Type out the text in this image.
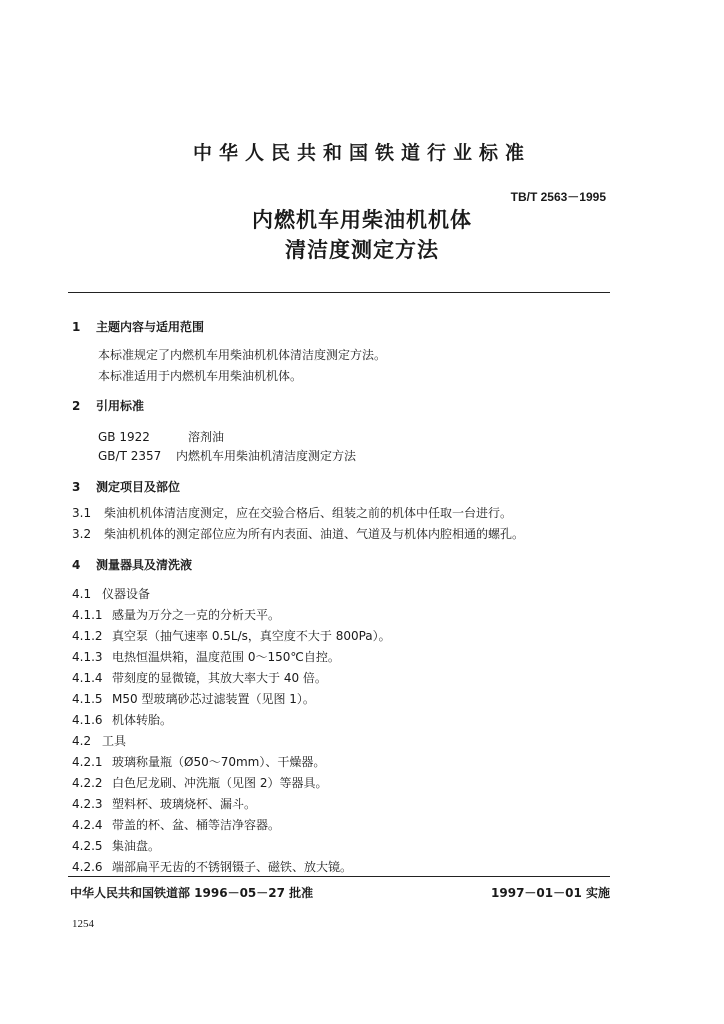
中华人民共和国铁道行业标准
TB/T 2563－1995
内燃机车用柴油机机体
清洁度测定方法
1 主题内容与适用范围
本标准规定了内燃机车用柴油机机体清洁度测定方法。
本标准适用于内燃机车用柴油机机体。
2 引用标准
GB 1922	溶剂油
GB/T 2357 内燃机车用柴油机清洁度测定方法
3 测定项目及部位
3.1 柴油机机体清洁度测定，应在交验合格后、组装之前的机体中任取一台进行。
3.2 柴油机机体的测定部位应为所有内表面、油道、气道及与机体内腔相通的螺孔。
4 测量器具及清洗液
4.1 仪器设备
4.1.1 感量为万分之一克的分析天平。
4.1.2 真空泵（抽气速率 0.5L/s，真空度不大于 800Pa）。
4.1.3 电热恒温烘箱，温度范围 0～150℃自控。
4.1.4 带刻度的显微镜，其放大率大于 40 倍。
4.1.5 M50 型玻璃砂芯过滤装置（见图 1）。
4.1.6 机体转胎。
4.2 工具
4.2.1 玻璃称量瓶（Ø50～70mm）、干燥器。
4.2.2 白色尼龙刷、冲洗瓶（见图 2）等器具。
4.2.3 塑料杯、玻璃烧杯、漏斗。
4.2.4 带盖的杯、盆、桶等洁净容器。
4.2.5 集油盘。
4.2.6 端部扁平无齿的不锈钢镊子、磁铁、放大镜。
中华人民共和国铁道部 1996－05－27 批准	1997－01－01 实施
1254
